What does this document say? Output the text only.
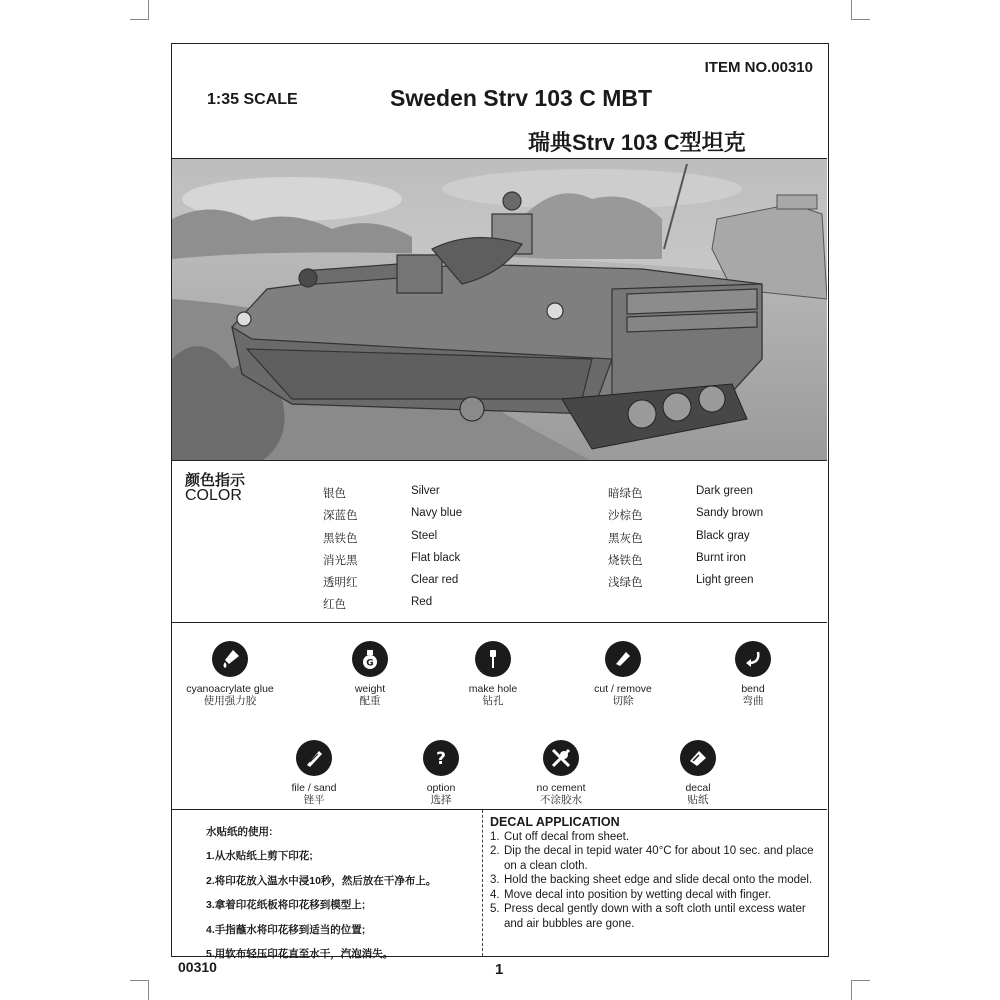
ITEM NO.00310
1:35 SCALE	Sweden Strv 103 C MBT
瑞典Strv 103 C型坦克
颜色指示
COLOR	银色	Silver
深蓝色	Navy blue
黑铁色	Steel
消光黑	Flat black
透明红	Clear red
红色	Red
暗绿色	Dark green
沙棕色	Sandy brown
黑灰色	Black gray
烧铁色	Burnt iron
浅绿色	Light green
cyanoacrylate glue
使用强力胶
G
weight
配重
make hole
钻孔
cut / remove
切除
bend
弯曲
file / sand
锉平
?
option
选择
no cement
不涂胶水
decal
贴纸
水贴纸的使用:
1.从水贴纸上剪下印花;
2.将印花放入温水中浸10秒，然后放在干净布上。
3.拿着印花纸板将印花移到模型上;
4.手指蘸水将印花移到适当的位置;
5.用软布轻压印花直至水干，汽泡消失。
DECAL APPLICATION
1. Cut off decal from sheet.
2. Dip the decal in tepid water 40°C for about 10 sec. and place on a clean cloth.
3. Hold the backing sheet edge and slide decal onto the model.
4. Move decal into position by wetting decal with finger.
5. Press decal gently down with a soft cloth until excess water and air bubbles are gone.
00310	1
